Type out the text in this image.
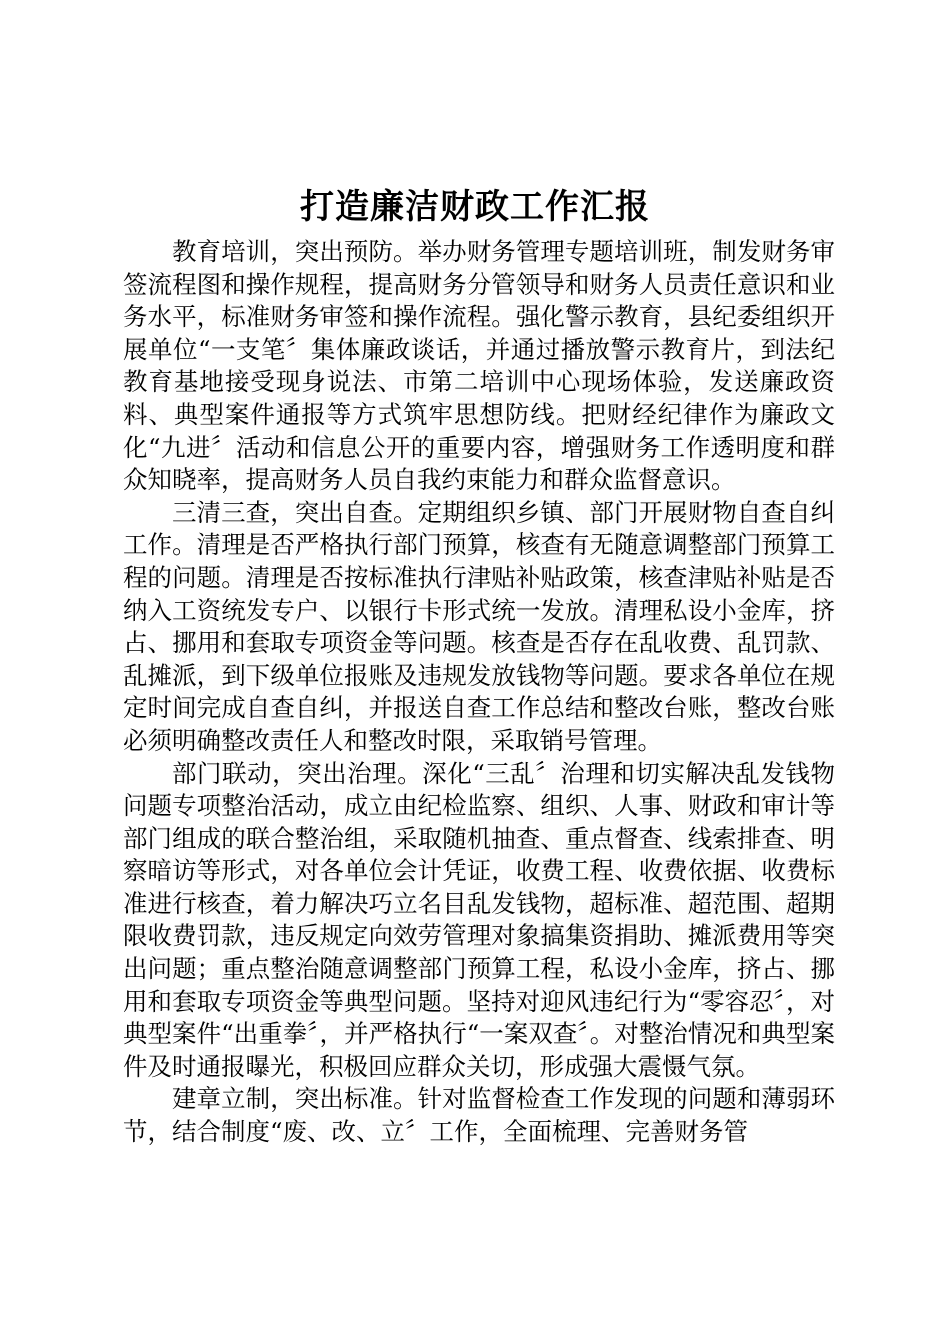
打造廉洁财政工作汇报

教育培训，突出预防。举办财务管理专题培训班，制发财务审签流程图和操作规程，提高财务分管领导和财务人员责任意识和业务水平，标准财务审签和操作流程。强化警示教育，县纪委组织开展单位“一支笔〞集体廉政谈话，并通过播放警示教育片，到法纪教育基地接受现身说法、市第二培训中心现场体验，发送廉政资料、典型案件通报等方式筑牢思想防线。把财经纪律作为廉政文化“九进〞活动和信息公开的重要内容，增强财务工作透明度和群众知晓率，提高财务人员自我约束能力和群众监督意识。

三清三查，突出自查。定期组织乡镇、部门开展财物自查自纠工作。清理是否严格执行部门预算，核查有无随意调整部门预算工程的问题。清理是否按标准执行津贴补贴政策，核查津贴补贴是否纳入工资统发专户、以银行卡形式统一发放。清理私设小金库，挤占、挪用和套取专项资金等问题。核查是否存在乱收费、乱罚款、乱摊派，到下级单位报账及违规发放钱物等问题。要求各单位在规定时间完成自查自纠，并报送自查工作总结和整改台账，整改台账必须明确整改责任人和整改时限，采取销号管理。

部门联动，突出治理。深化“三乱〞治理和切实解决乱发钱物问题专项整治活动，成立由纪检监察、组织、人事、财政和审计等部门组成的联合整治组，采取随机抽查、重点督查、线索排查、明察暗访等形式，对各单位会计凭证，收费工程、收费依据、收费标准进行核查，着力解决巧立名目乱发钱物，超标准、超范围、超期限收费罚款，违反规定向效劳管理对象搞集资捐助、摊派费用等突出问题；重点整治随意调整部门预算工程，私设小金库，挤占、挪用和套取专项资金等典型问题。坚持对迎风违纪行为“零容忍〞，对典型案件“出重拳〞，并严格执行“一案双查〞。对整治情况和典型案件及时通报曝光，积极回应群众关切，形成强大震慑气氛。

建章立制，突出标准。针对监督检查工作发现的问题和薄弱环节，结合制度“废、改、立〞工作，全面梳理、完善财务管
